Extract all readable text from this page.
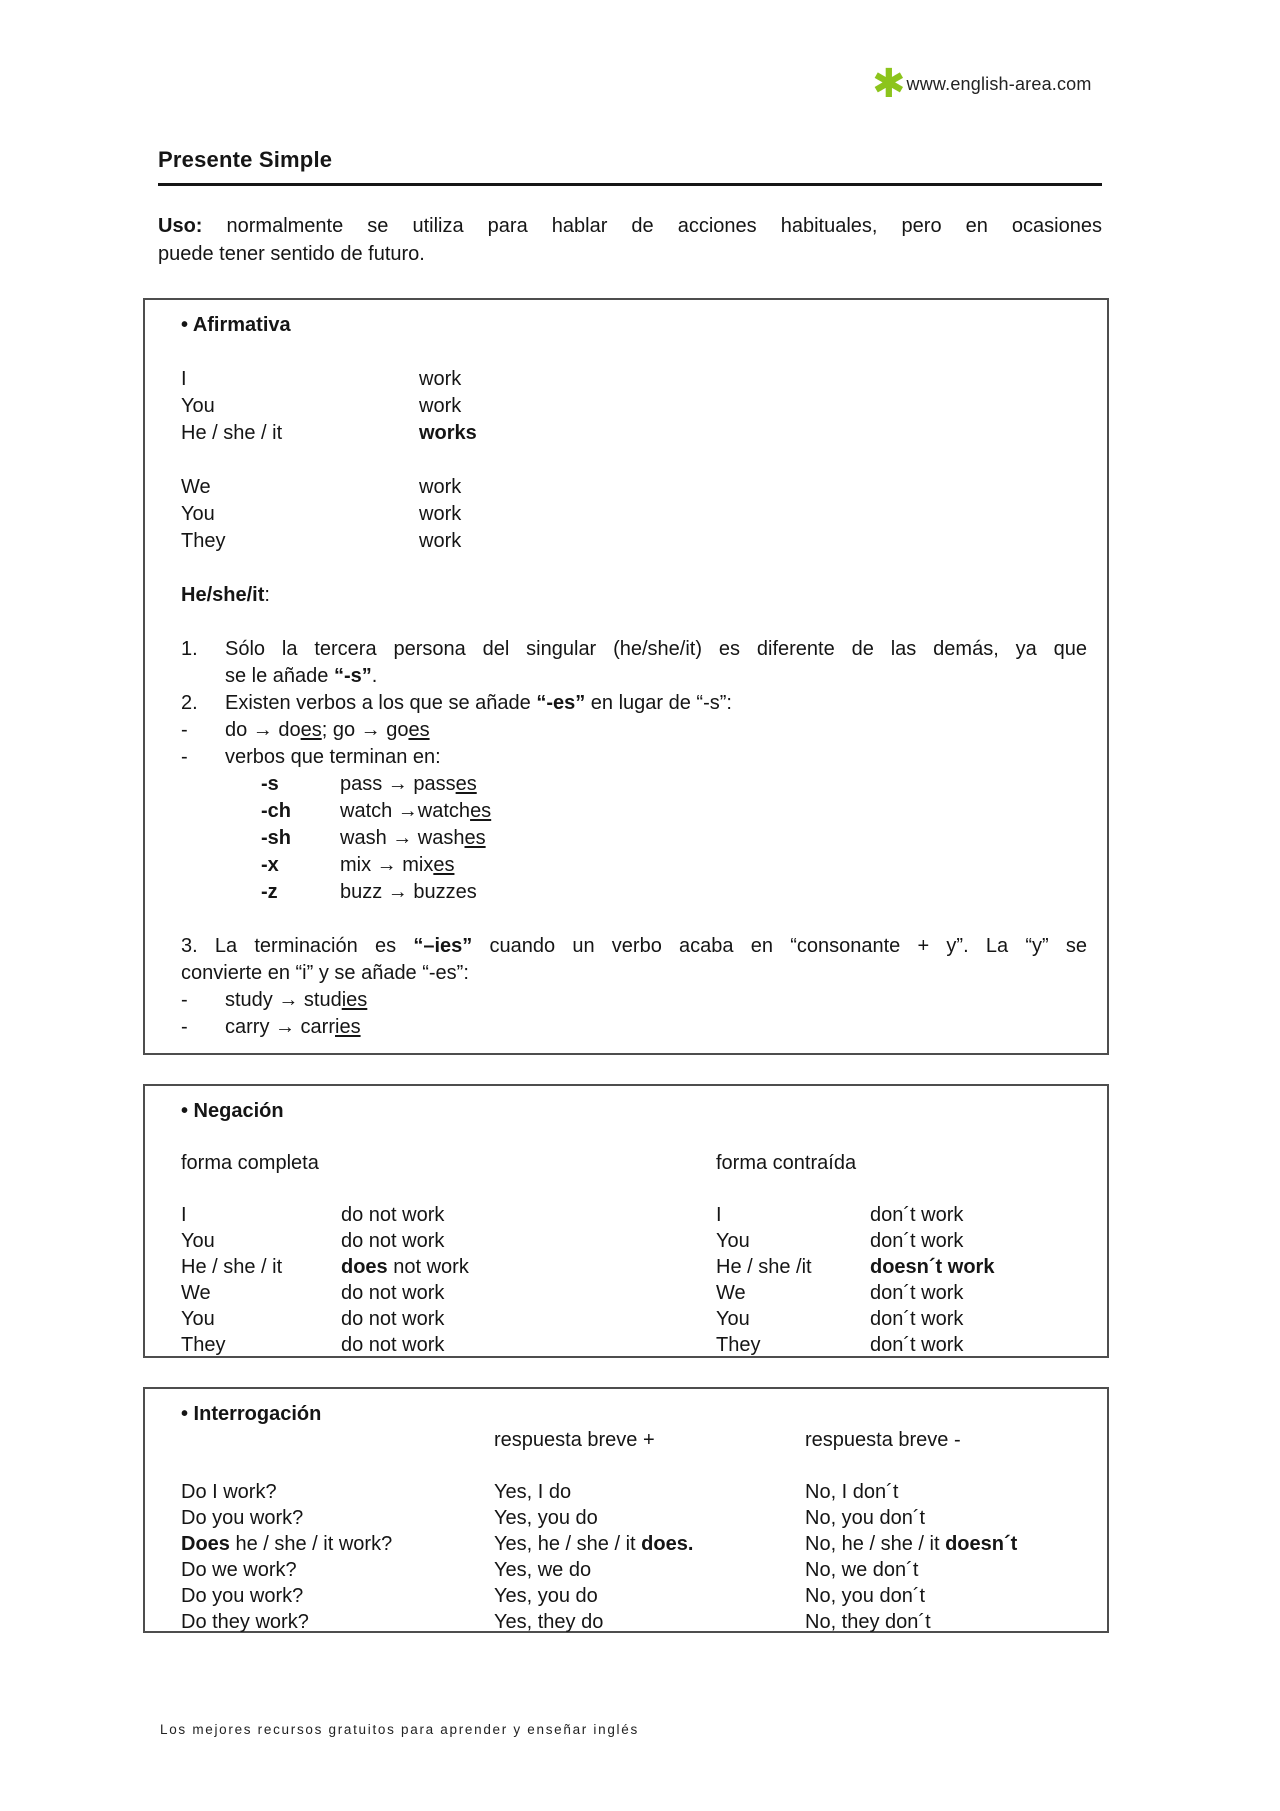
✱ www.english-area.com
Presente Simple
Uso: normalmente se utiliza para hablar de acciones habituales, pero en ocasiones
puede tener sentido de futuro.
• Afirmativa
I	work
You	work
He / she / it	works
We	work
You	work
They	work
He/she/it:
1.	Sólo la tercera persona del singular (he/she/it) es diferente de las demás, ya que
se le añade “-s”.
2.	Existen verbos a los que se añade “-es” en lugar de “-s”:
-	do → does; go → goes
-	verbos que terminan en:
-s	pass → passes
-ch	watch →watches
-sh	wash → washes
-x	mix → mixes
-z	buzz → buzzes
3. La terminación es “–ies” cuando un verbo acaba en “consonante + y”. La “y” se
convierte en “i” y se añade “-es”:
-	study → studies
-	carry → carries
• Negación
forma completa	forma contraída
I	do not work	I	don´t work
You	do not work	You	don´t work
He / she / it	does not work	He / she /it	doesn´t work
We	do not work	We	don´t work
You	do not work	You	don´t work
They	do not work	They	don´t work
• Interrogación
respuesta breve +	respuesta breve -
Do I work?	Yes, I do	No, I don´t
Do you work?	Yes, you do	No, you don´t
Does he / she / it work?	Yes, he / she / it does.	No, he / she / it doesn´t
Do we work?	Yes, we do	No, we don´t
Do you work?	Yes, you do	No, you don´t
Do they work?	Yes, they do	No, they don´t
Los mejores recursos gratuitos para aprender y enseñar inglés
